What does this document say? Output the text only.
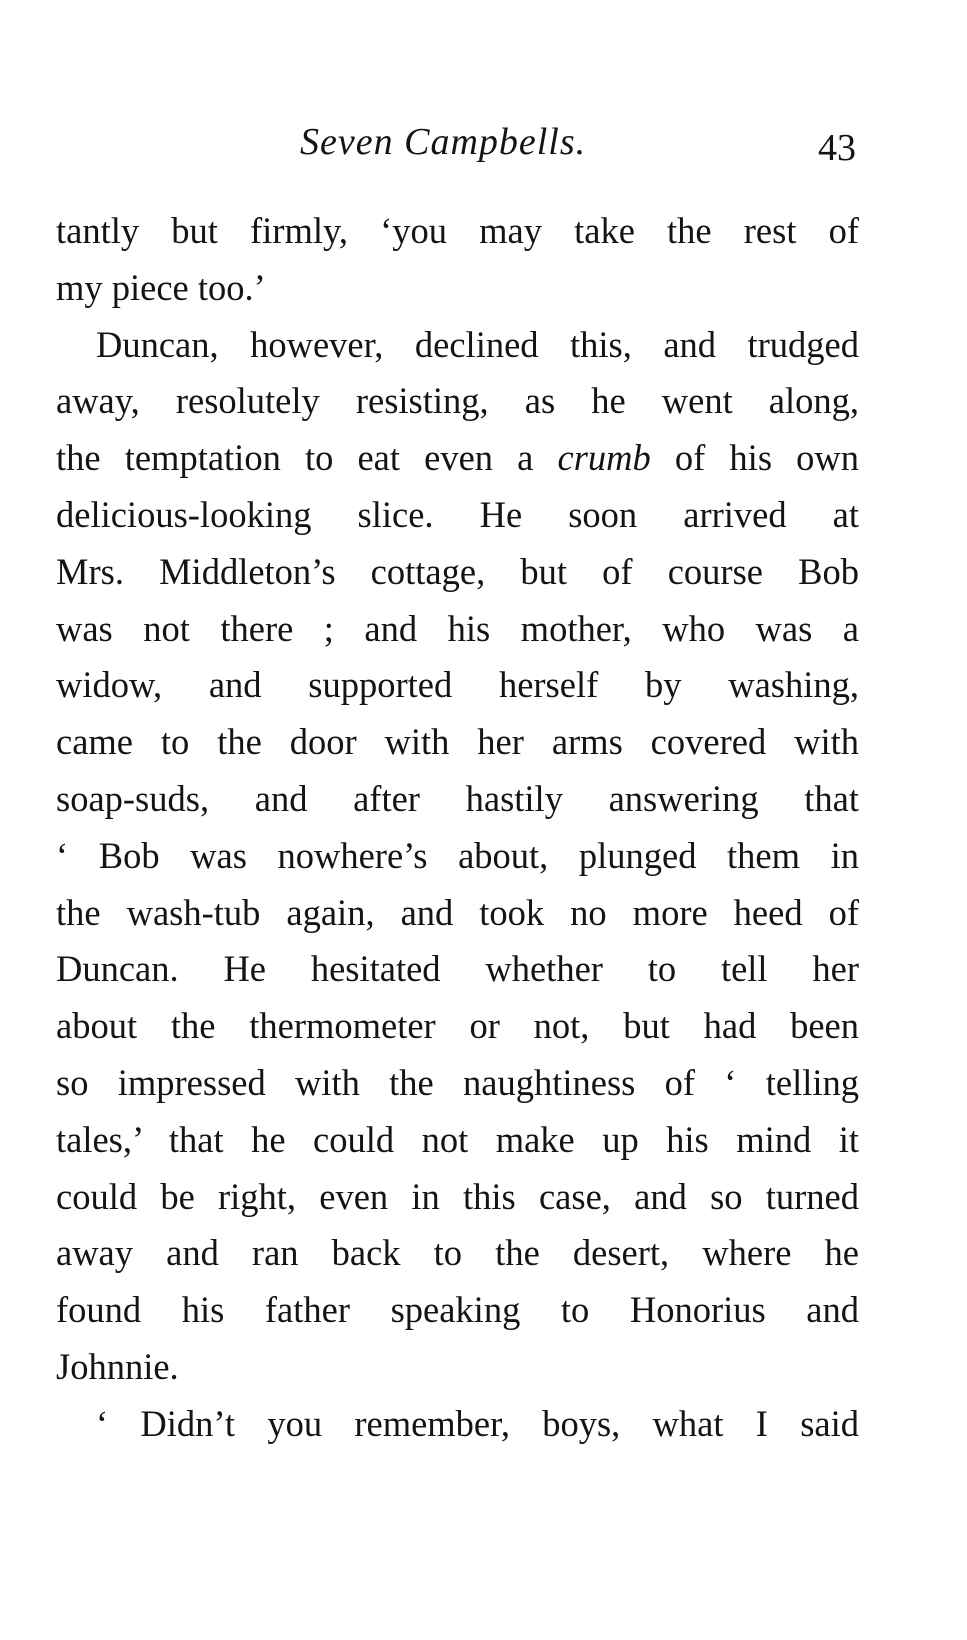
Seven Campbells.	43
tantly but firmly, ‘you may take the rest of
my piece too.’
Duncan, however, declined this, and trudged
away, resolutely resisting, as he went along,
the temptation to eat even a crumb of his own
delicious-looking slice. He soon arrived at
Mrs. Middleton’s cottage, but of course Bob
was not there ; and his mother, who was a
widow, and supported herself by washing,
came to the door with her arms covered with
soap-suds, and after hastily answering that
‘ Bob was nowhere’s about, plunged them in
the wash-tub again, and took no more heed of
Duncan. He hesitated whether to tell her
about the thermometer or not, but had been
so impressed with the naughtiness of ‘ telling
tales,’ that he could not make up his mind it
could be right, even in this case, and so turned
away and ran back to the desert, where he
found his father speaking to Honorius and
Johnnie.
‘ Didn’t you remember, boys, what I said
